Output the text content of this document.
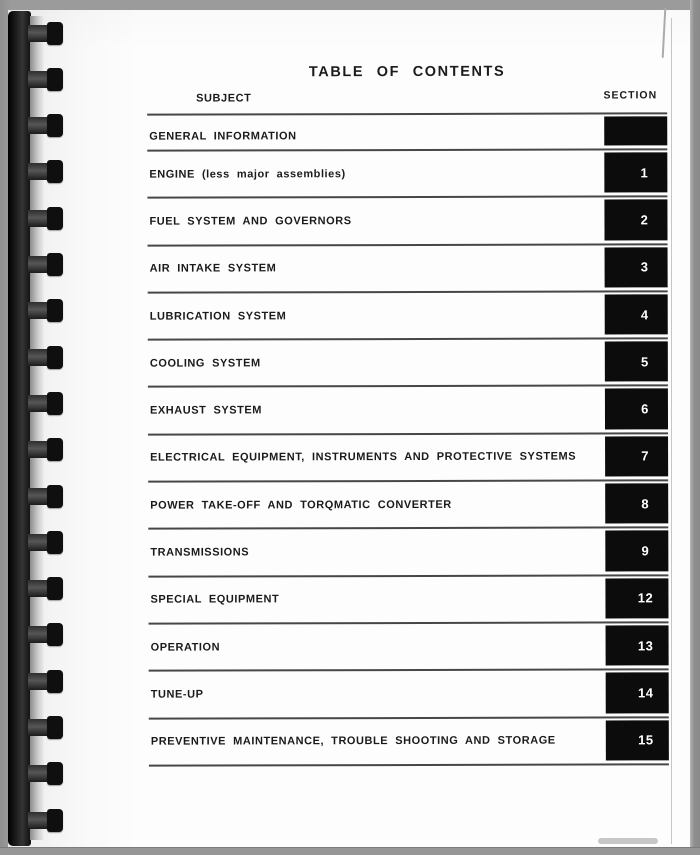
TABLE OF CONTENTS
SUBJECT	SECTION
GENERAL INFORMATION
ENGINE (less major assemblies)	1
FUEL SYSTEM AND GOVERNORS	2
AIR INTAKE SYSTEM	3
LUBRICATION SYSTEM	4
COOLING SYSTEM	5
EXHAUST SYSTEM	6
ELECTRICAL EQUIPMENT, INSTRUMENTS AND PROTECTIVE SYSTEMS	7
POWER TAKE-OFF AND TORQMATIC CONVERTER	8
TRANSMISSIONS	9
SPECIAL EQUIPMENT	12
OPERATION	13
TUNE-UP	14
PREVENTIVE MAINTENANCE, TROUBLE SHOOTING AND STORAGE	15
